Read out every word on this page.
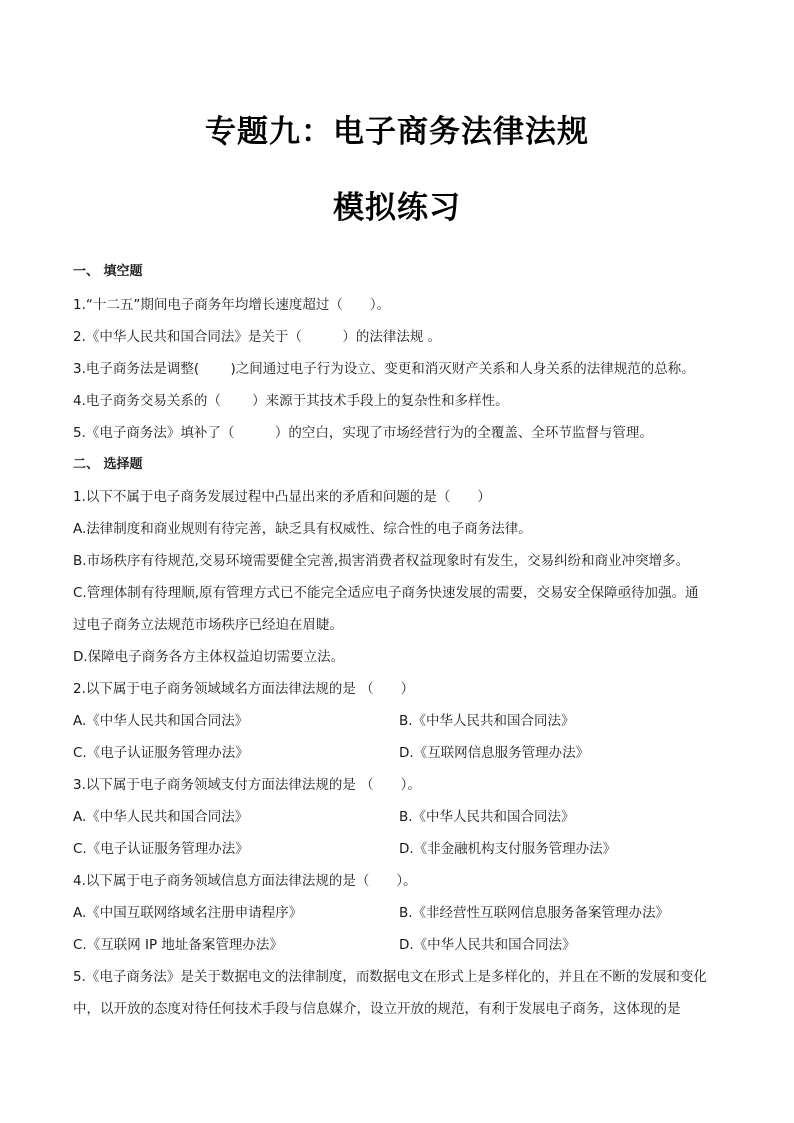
专题九：电子商务法律法规
模拟练习
一、 填空题
1.“十二五”期间电子商务年均增长速度超过（　　）。
2.《中华人民共和国合同法》是关于（　　　）的法律法规 。
3.电子商务法是调整(　　 )之间通过电子行为设立、变更和消灭财产关系和人身关系的法律规范的总称。
4.电子商务交易关系的（　　 ）来源于其技术手段上的复杂性和多样性。
5.《电子商务法》填补了（　　　）的空白，实现了市场经营行为的全覆盖、全环节监督与管理。
二、 选择题
1.以下不属于电子商务发展过程中凸显出来的矛盾和问题的是（　　）
A.法律制度和商业规则有待完善，缺乏具有权威性、综合性的电子商务法律。
B.市场秩序有待规范,交易环境需要健全完善,损害消费者权益现象时有发生，交易纠纷和商业冲突增多。
C.管理体制有待理顺,原有管理方式已不能完全适应电子商务快速发展的需要，交易安全保障亟待加强。通
过电子商务立法规范市场秩序已经迫在眉睫。
D.保障电子商务各方主体权益迫切需要立法。
2.以下属于电子商务领域域名方面法律法规的是 （　　）
A.《中华人民共和国合同法》	B.《中华人民共和国合同法》
C.《电子认证服务管理办法》	D.《互联网信息服务管理办法》
3.以下属于电子商务领域支付方面法律法规的是 （　　）。
A.《中华人民共和国合同法》	B.《中华人民共和国合同法》
C.《电子认证服务管理办法》	D.《非金融机构支付服务管理办法》
4.以下属于电子商务领域信息方面法律法规的是（　　）。
A.《中国互联网络域名注册申请程序》	B.《非经营性互联网信息服务备案管理办法》
C.《互联网 IP 地址备案管理办法》	D.《中华人民共和国合同法》
5.《电子商务法》是关于数据电文的法律制度，而数据电文在形式上是多样化的，并且在不断的发展和变化
中，以开放的态度对待任何技术手段与信息媒介，设立开放的规范，有利于发展电子商务，这体现的是
